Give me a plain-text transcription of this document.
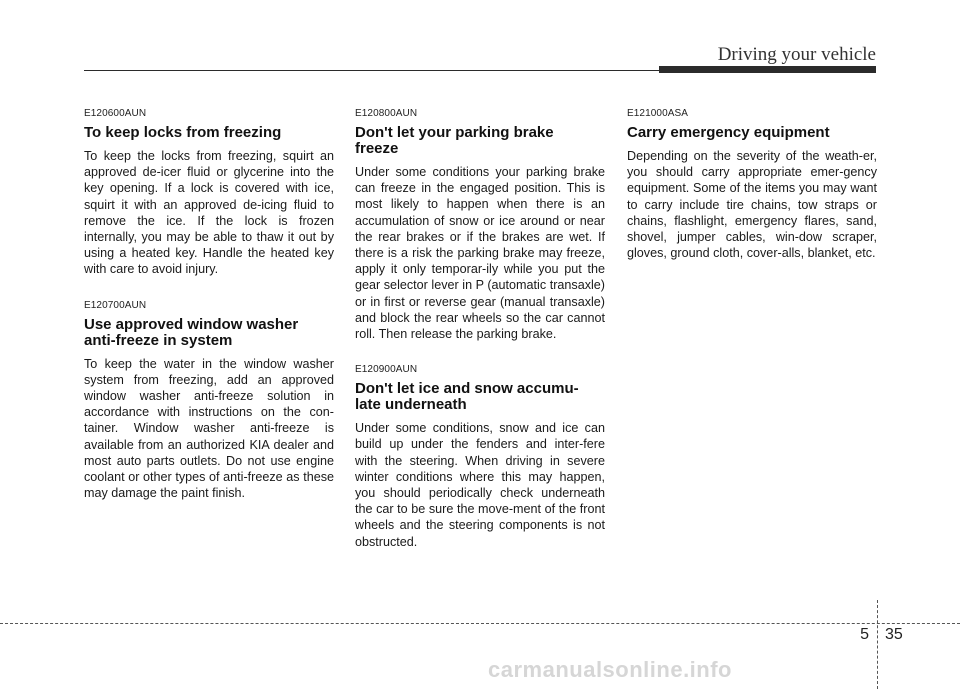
Driving your vehicle

E120600AUN

To keep locks from freezing

To keep the locks from freezing, squirt an approved de-icer fluid or glycerine into the key opening. If a lock is covered with ice, squirt it with an approved de-icing fluid to remove the ice. If the lock is frozen internally, you may be able to thaw it out by using a heated key. Handle the heated key with care to avoid injury.

E120700AUN

Use approved window washer
anti-freeze in system

To keep the water in the window washer system from freezing, add an approved window washer anti-freeze solution in accordance with instructions on the con-tainer. Window washer anti-freeze is available from an authorized KIA dealer and most auto parts outlets. Do not use engine coolant or other types of anti-freeze as these may damage the paint finish.

E120800AUN

Don't let your parking brake
freeze

Under some conditions your parking brake can freeze in the engaged position. This is most likely to happen when there is an accumulation of snow or ice around or near the rear brakes or if the brakes are wet. If there is a risk the parking brake may freeze, apply it only temporar-ily while you put the gear selector lever in P (automatic transaxle) or in first or reverse gear (manual transaxle) and block the rear wheels so the car cannot roll. Then release the parking brake.

E120900AUN

Don't let ice and snow accumu-
late underneath

Under some conditions, snow and ice can build up under the fenders and inter-fere with the steering. When driving in severe winter conditions where this may happen, you should periodically check underneath the car to be sure the move-ment of the front wheels and the steering components is not obstructed.

E121000ASA

Carry emergency equipment

Depending on the severity of the weath-er, you should carry appropriate emer-gency equipment. Some of the items you may want to carry include tire chains, tow straps or chains, flashlight, emergency flares, sand, shovel, jumper cables, win-dow scraper, gloves, ground cloth, cover-alls, blanket, etc.

5 35
carmanualsonline.info
